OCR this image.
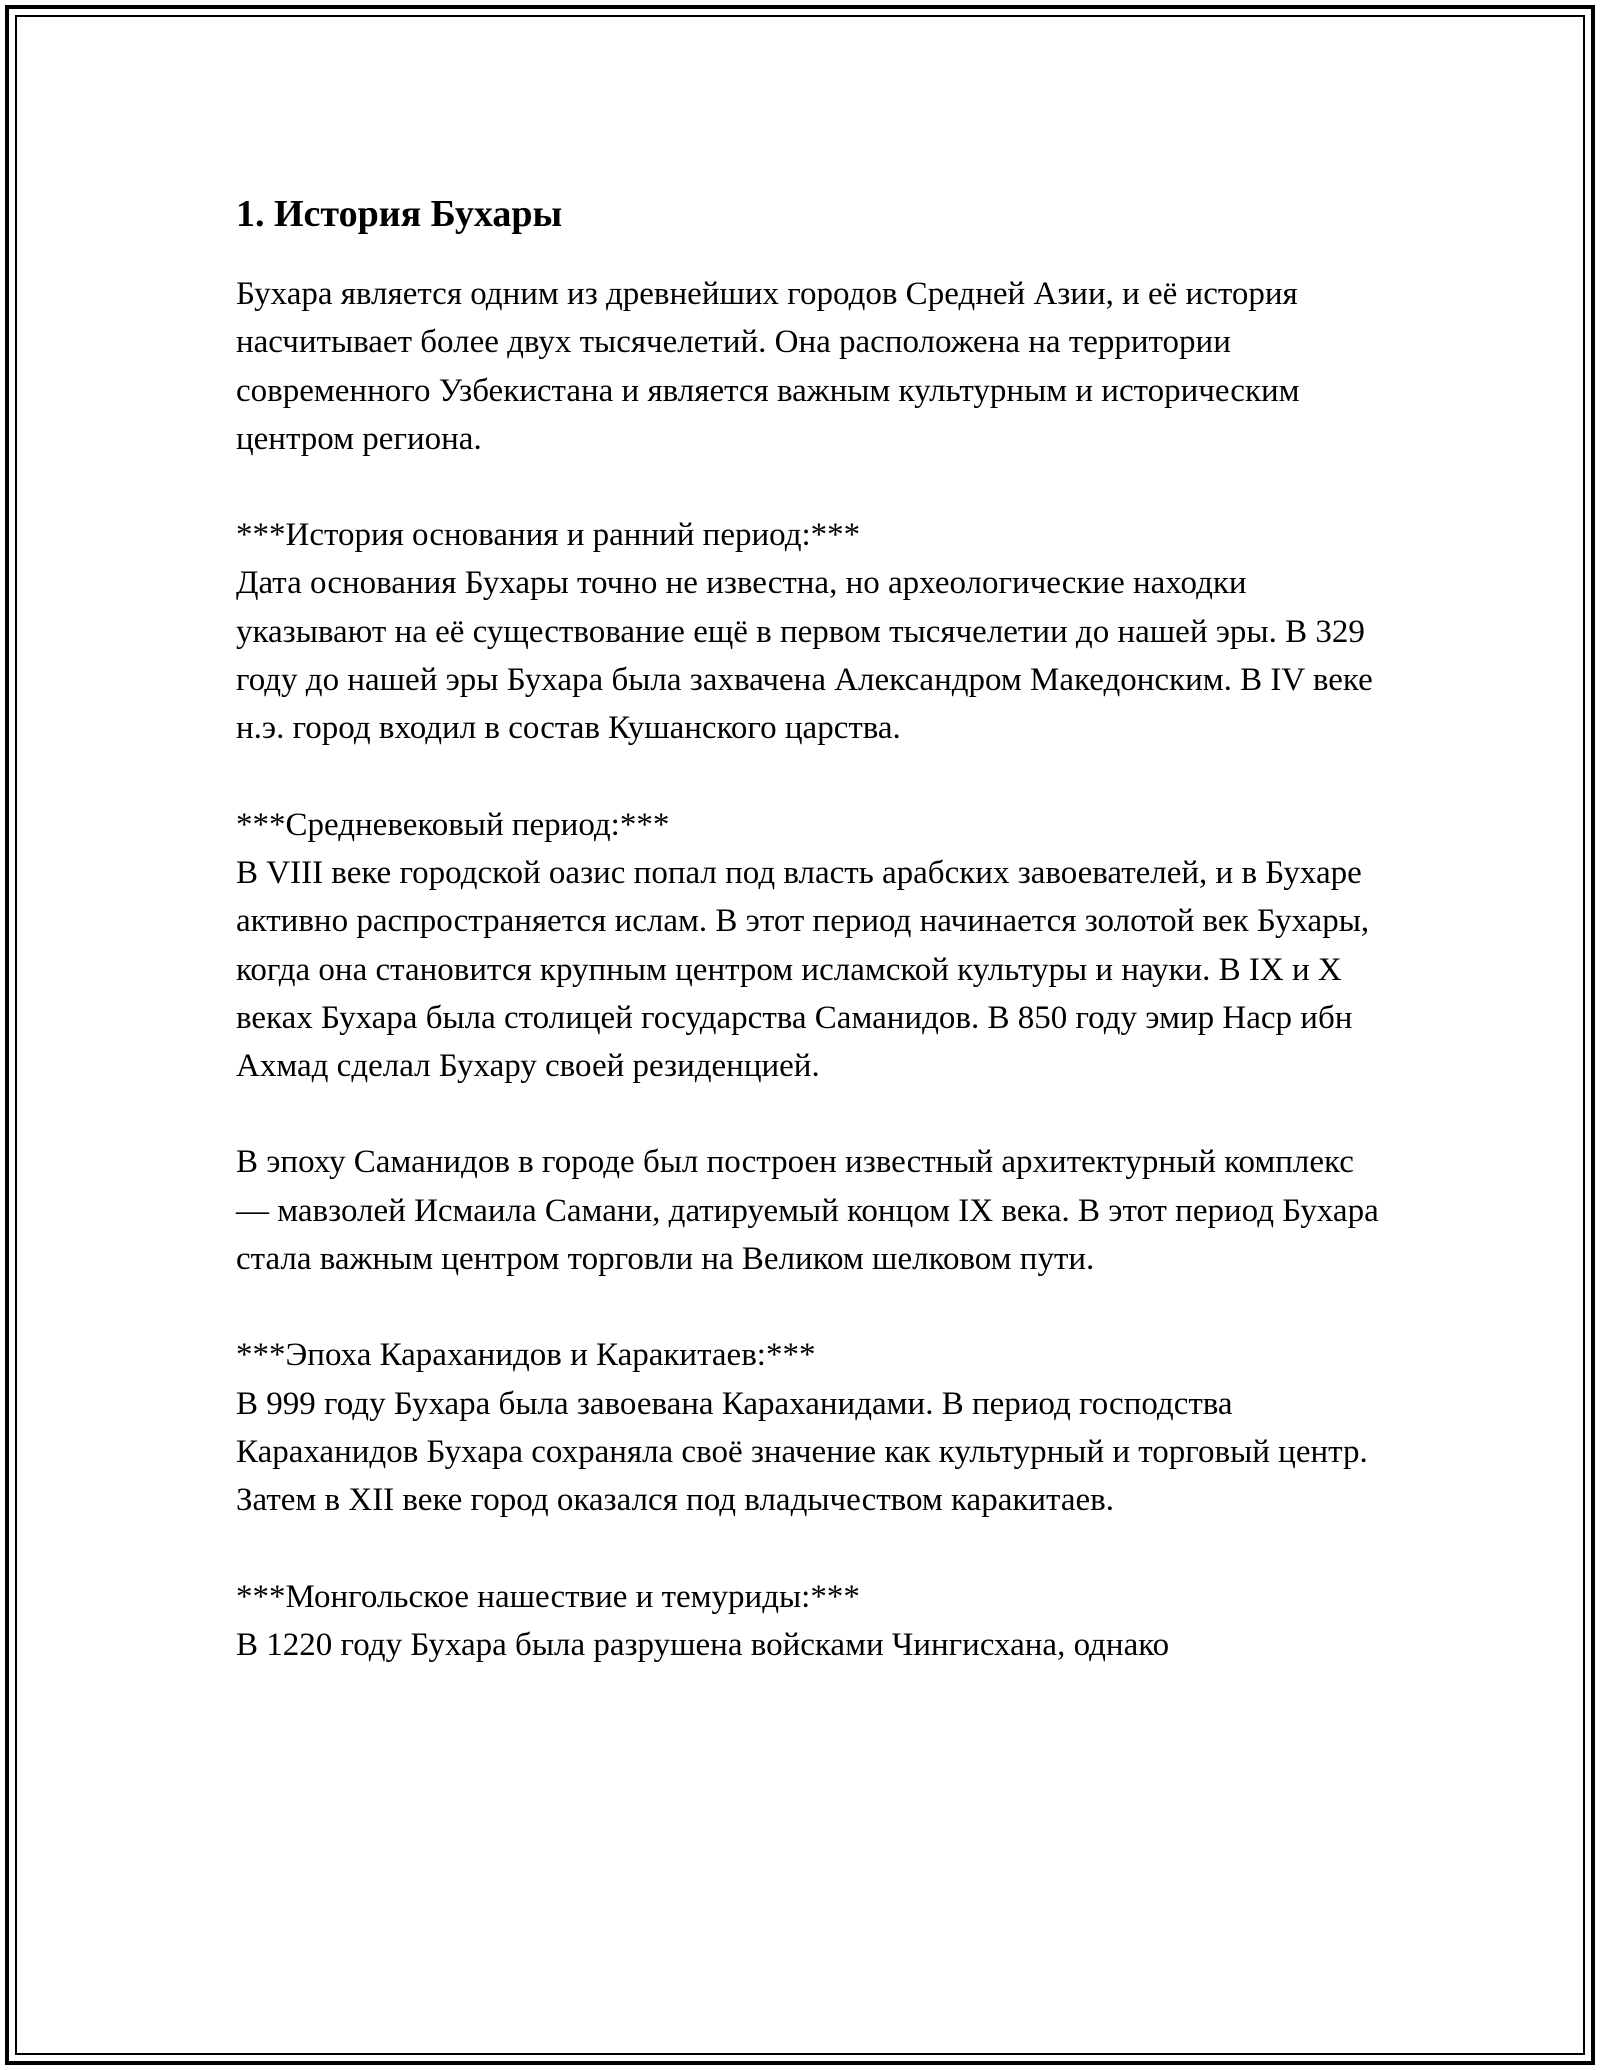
1. История Бухары

Бухара является одним из древнейших городов Средней Азии, и её история насчитывает более двух тысячелетий. Она расположена на территории современного Узбекистана и является важным культурным и историческим центром региона.

***История основания и ранний период:***
Дата основания Бухары точно не известна, но археологические находки указывают на её существование ещё в первом тысячелетии до нашей эры. В 329 году до нашей эры Бухара была захвачена Александром Македонским. В IV веке н.э. город входил в состав Кушанского царства.

***Средневековый период:***
В VIII веке городской оазис попал под власть арабских завоевателей, и в Бухаре активно распространяется ислам. В этот период начинается золотой век Бухары, когда она становится крупным центром исламской культуры и науки. В IX и X веках Бухара была столицей государства Саманидов. В 850 году эмир Наср ибн Ахмад сделал Бухару своей резиденцией.

В эпоху Саманидов в городе был построен известный архитектурный комплекс — мавзолей Исмаила Самани, датируемый концом IX века. В этот период Бухара стала важным центром торговли на Великом шелковом пути.

***Эпоха Караханидов и Каракитаев:***
В 999 году Бухара была завоевана Караханидами. В период господства Караханидов Бухара сохраняла своё значение как культурный и торговый центр. Затем в XII веке город оказался под владычеством каракитаев.

***Монгольское нашествие и темуриды:***
В 1220 году Бухара была разрушена войсками Чингисхана, однако
